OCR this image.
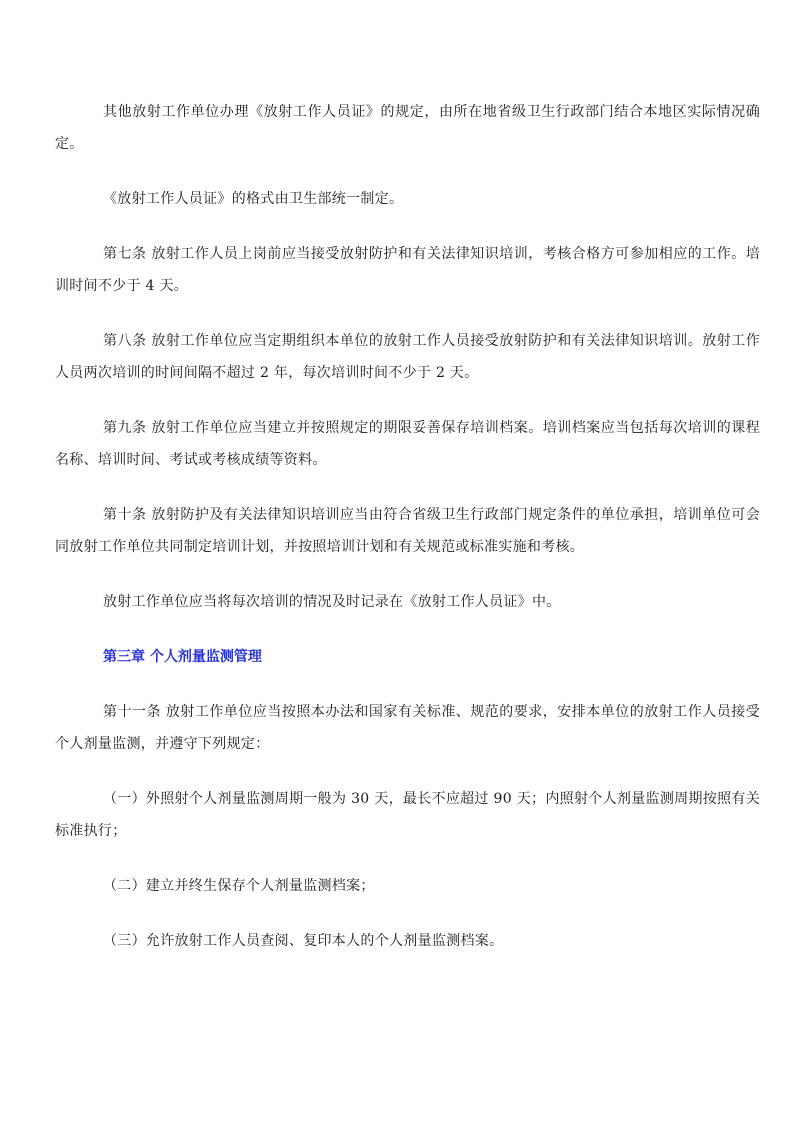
其他放射工作单位办理《放射工作人员证》的规定，由所在地省级卫生行政部门结合本地区实际情况确定。

《放射工作人员证》的格式由卫生部统一制定。

第七条 放射工作人员上岗前应当接受放射防护和有关法律知识培训，考核合格方可参加相应的工作。培训时间不少于 4 天。

第八条 放射工作单位应当定期组织本单位的放射工作人员接受放射防护和有关法律知识培训。放射工作人员两次培训的时间间隔不超过 2 年，每次培训时间不少于 2 天。

第九条 放射工作单位应当建立并按照规定的期限妥善保存培训档案。培训档案应当包括每次培训的课程名称、培训时间、考试或考核成绩等资料。

第十条 放射防护及有关法律知识培训应当由符合省级卫生行政部门规定条件的单位承担，培训单位可会同放射工作单位共同制定培训计划，并按照培训计划和有关规范或标准实施和考核。

放射工作单位应当将每次培训的情况及时记录在《放射工作人员证》中。

第三章 个人剂量监测管理

第十一条 放射工作单位应当按照本办法和国家有关标准、规范的要求，安排本单位的放射工作人员接受个人剂量监测，并遵守下列规定：

（一）外照射个人剂量监测周期一般为 30 天，最长不应超过 90 天；内照射个人剂量监测周期按照有关标准执行；

（二）建立并终生保存个人剂量监测档案；

（三）允许放射工作人员查阅、复印本人的个人剂量监测档案。
